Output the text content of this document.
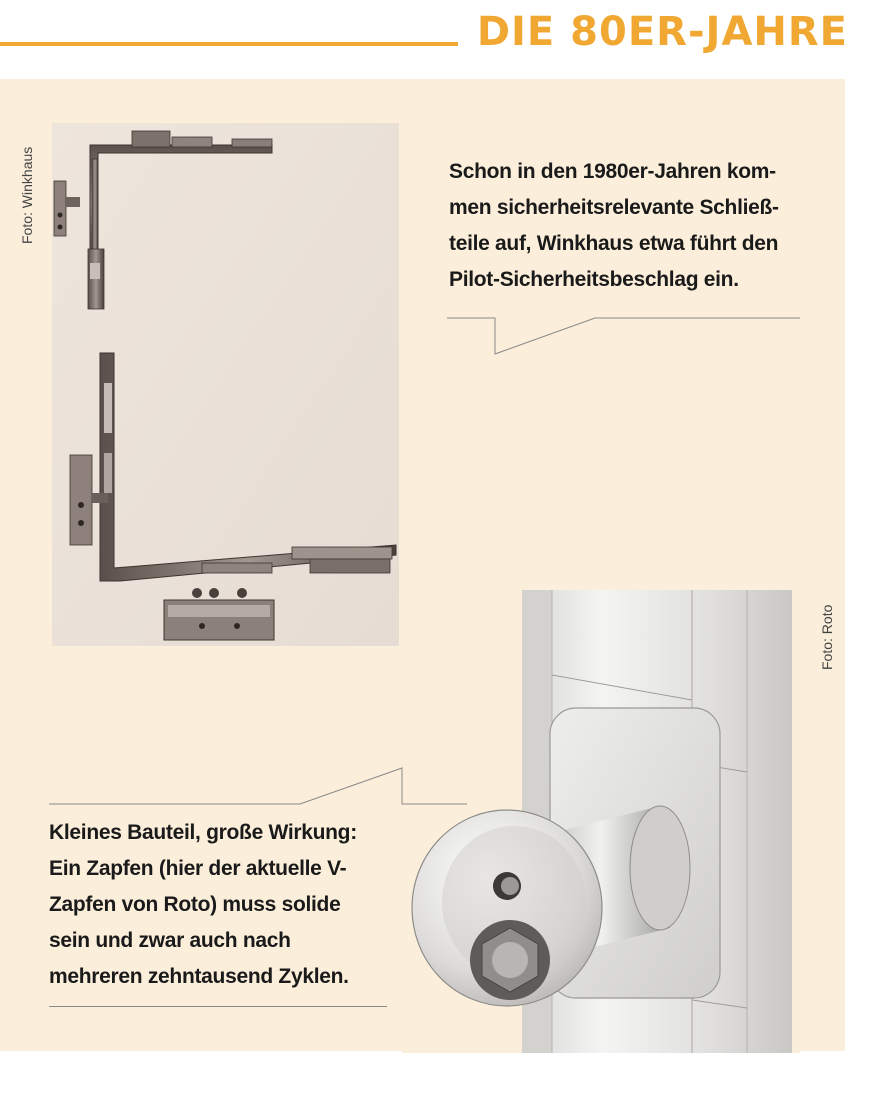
DIE 80ER-JAHRE
Foto: Winkhaus	Schon in den 1980er-Jahren kom-
men sicherheitsrelevante Schließ-
teile auf, Winkhaus etwa führt den
Pilot-Sicherheitsbeschlag ein.
Foto: Roto
Kleines Bauteil, große Wirkung:
Ein Zapfen (hier der aktuelle V-
Zapfen von Roto) muss solide
sein und zwar auch nach
mehreren zehntausend Zyklen.
